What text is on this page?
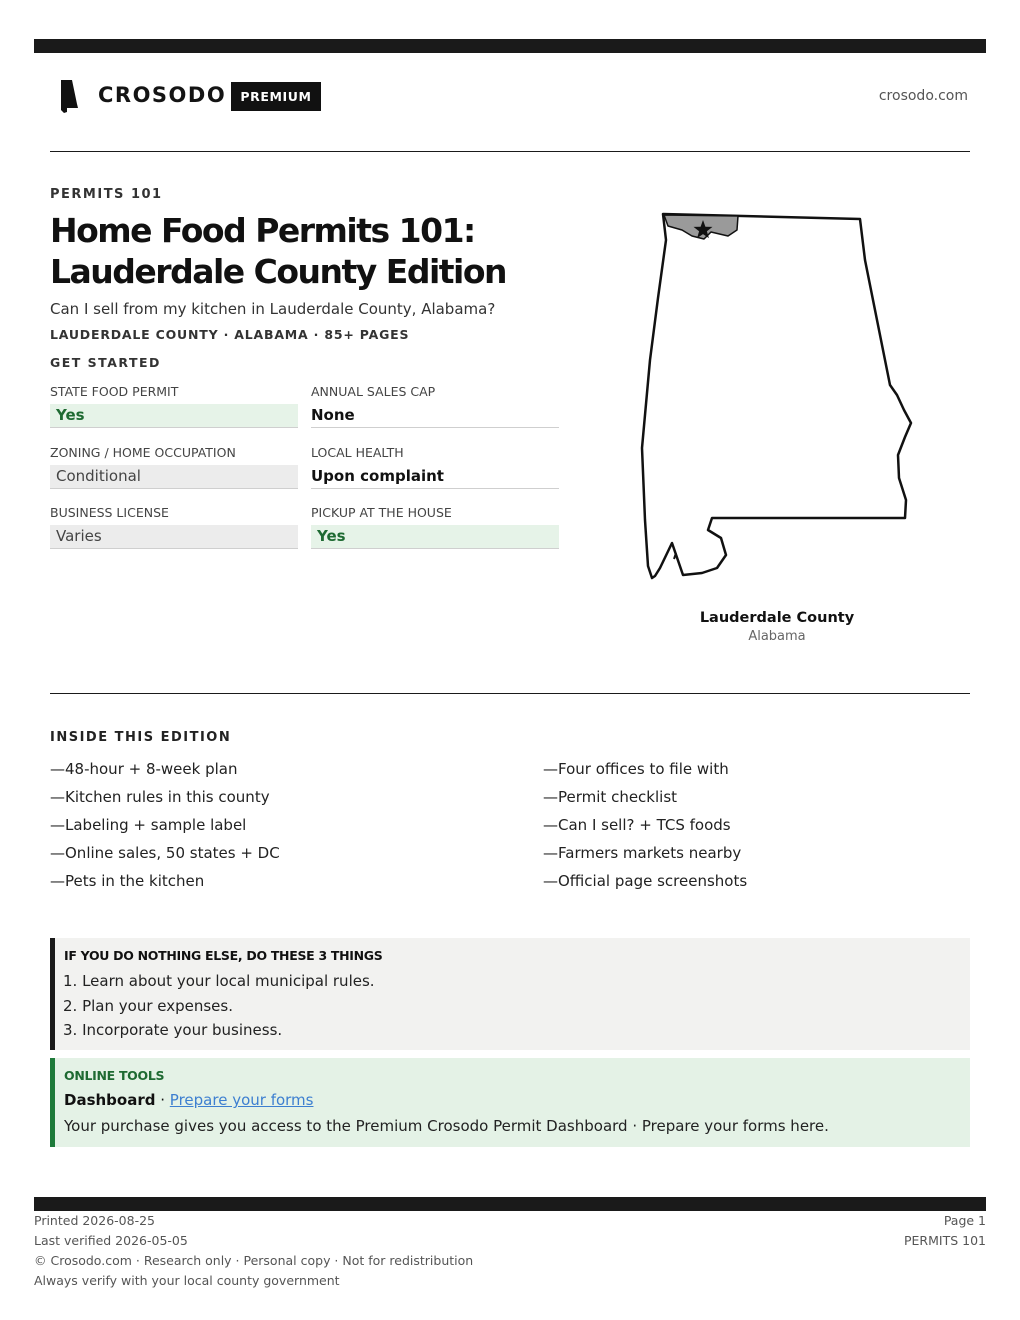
CROSODO	PREMIUM	crosodo.com
PERMITS 101
Home Food Permits 101:
Lauderdale County Edition
Can I sell from my kitchen in Lauderdale County, Alabama?
LAUDERDALE COUNTY · ALABAMA · 85+ PAGES
GET STARTED
STATE FOOD PERMIT
Yes
ANNUAL SALES CAP
None
ZONING / HOME OCCUPATION
Conditional
LOCAL HEALTH
Upon complaint
BUSINESS LICENSE
Varies
PICKUP AT THE HOUSE
Yes
Lauderdale County
Alabama
INSIDE THIS EDITION
—48-hour + 8-week plan
—Kitchen rules in this county
—Labeling + sample label
—Online sales, 50 states + DC
—Pets in the kitchen
—Four offices to file with
—Permit checklist
—Can I sell? + TCS foods
—Farmers markets nearby
—Official page screenshots
IF YOU DO NOTHING ELSE, DO THESE 3 THINGS
1. Learn about your local municipal rules.
2. Plan your expenses.
3. Incorporate your business.
ONLINE TOOLS
Dashboard · Prepare your forms
Your purchase gives you access to the Premium Crosodo Permit Dashboard · Prepare your forms here.
Printed 2026-08-25
Last verified 2026-05-05
© Crosodo.com · Research only · Personal copy · Not for redistribution
Always verify with your local county government
Page 1
PERMITS 101
